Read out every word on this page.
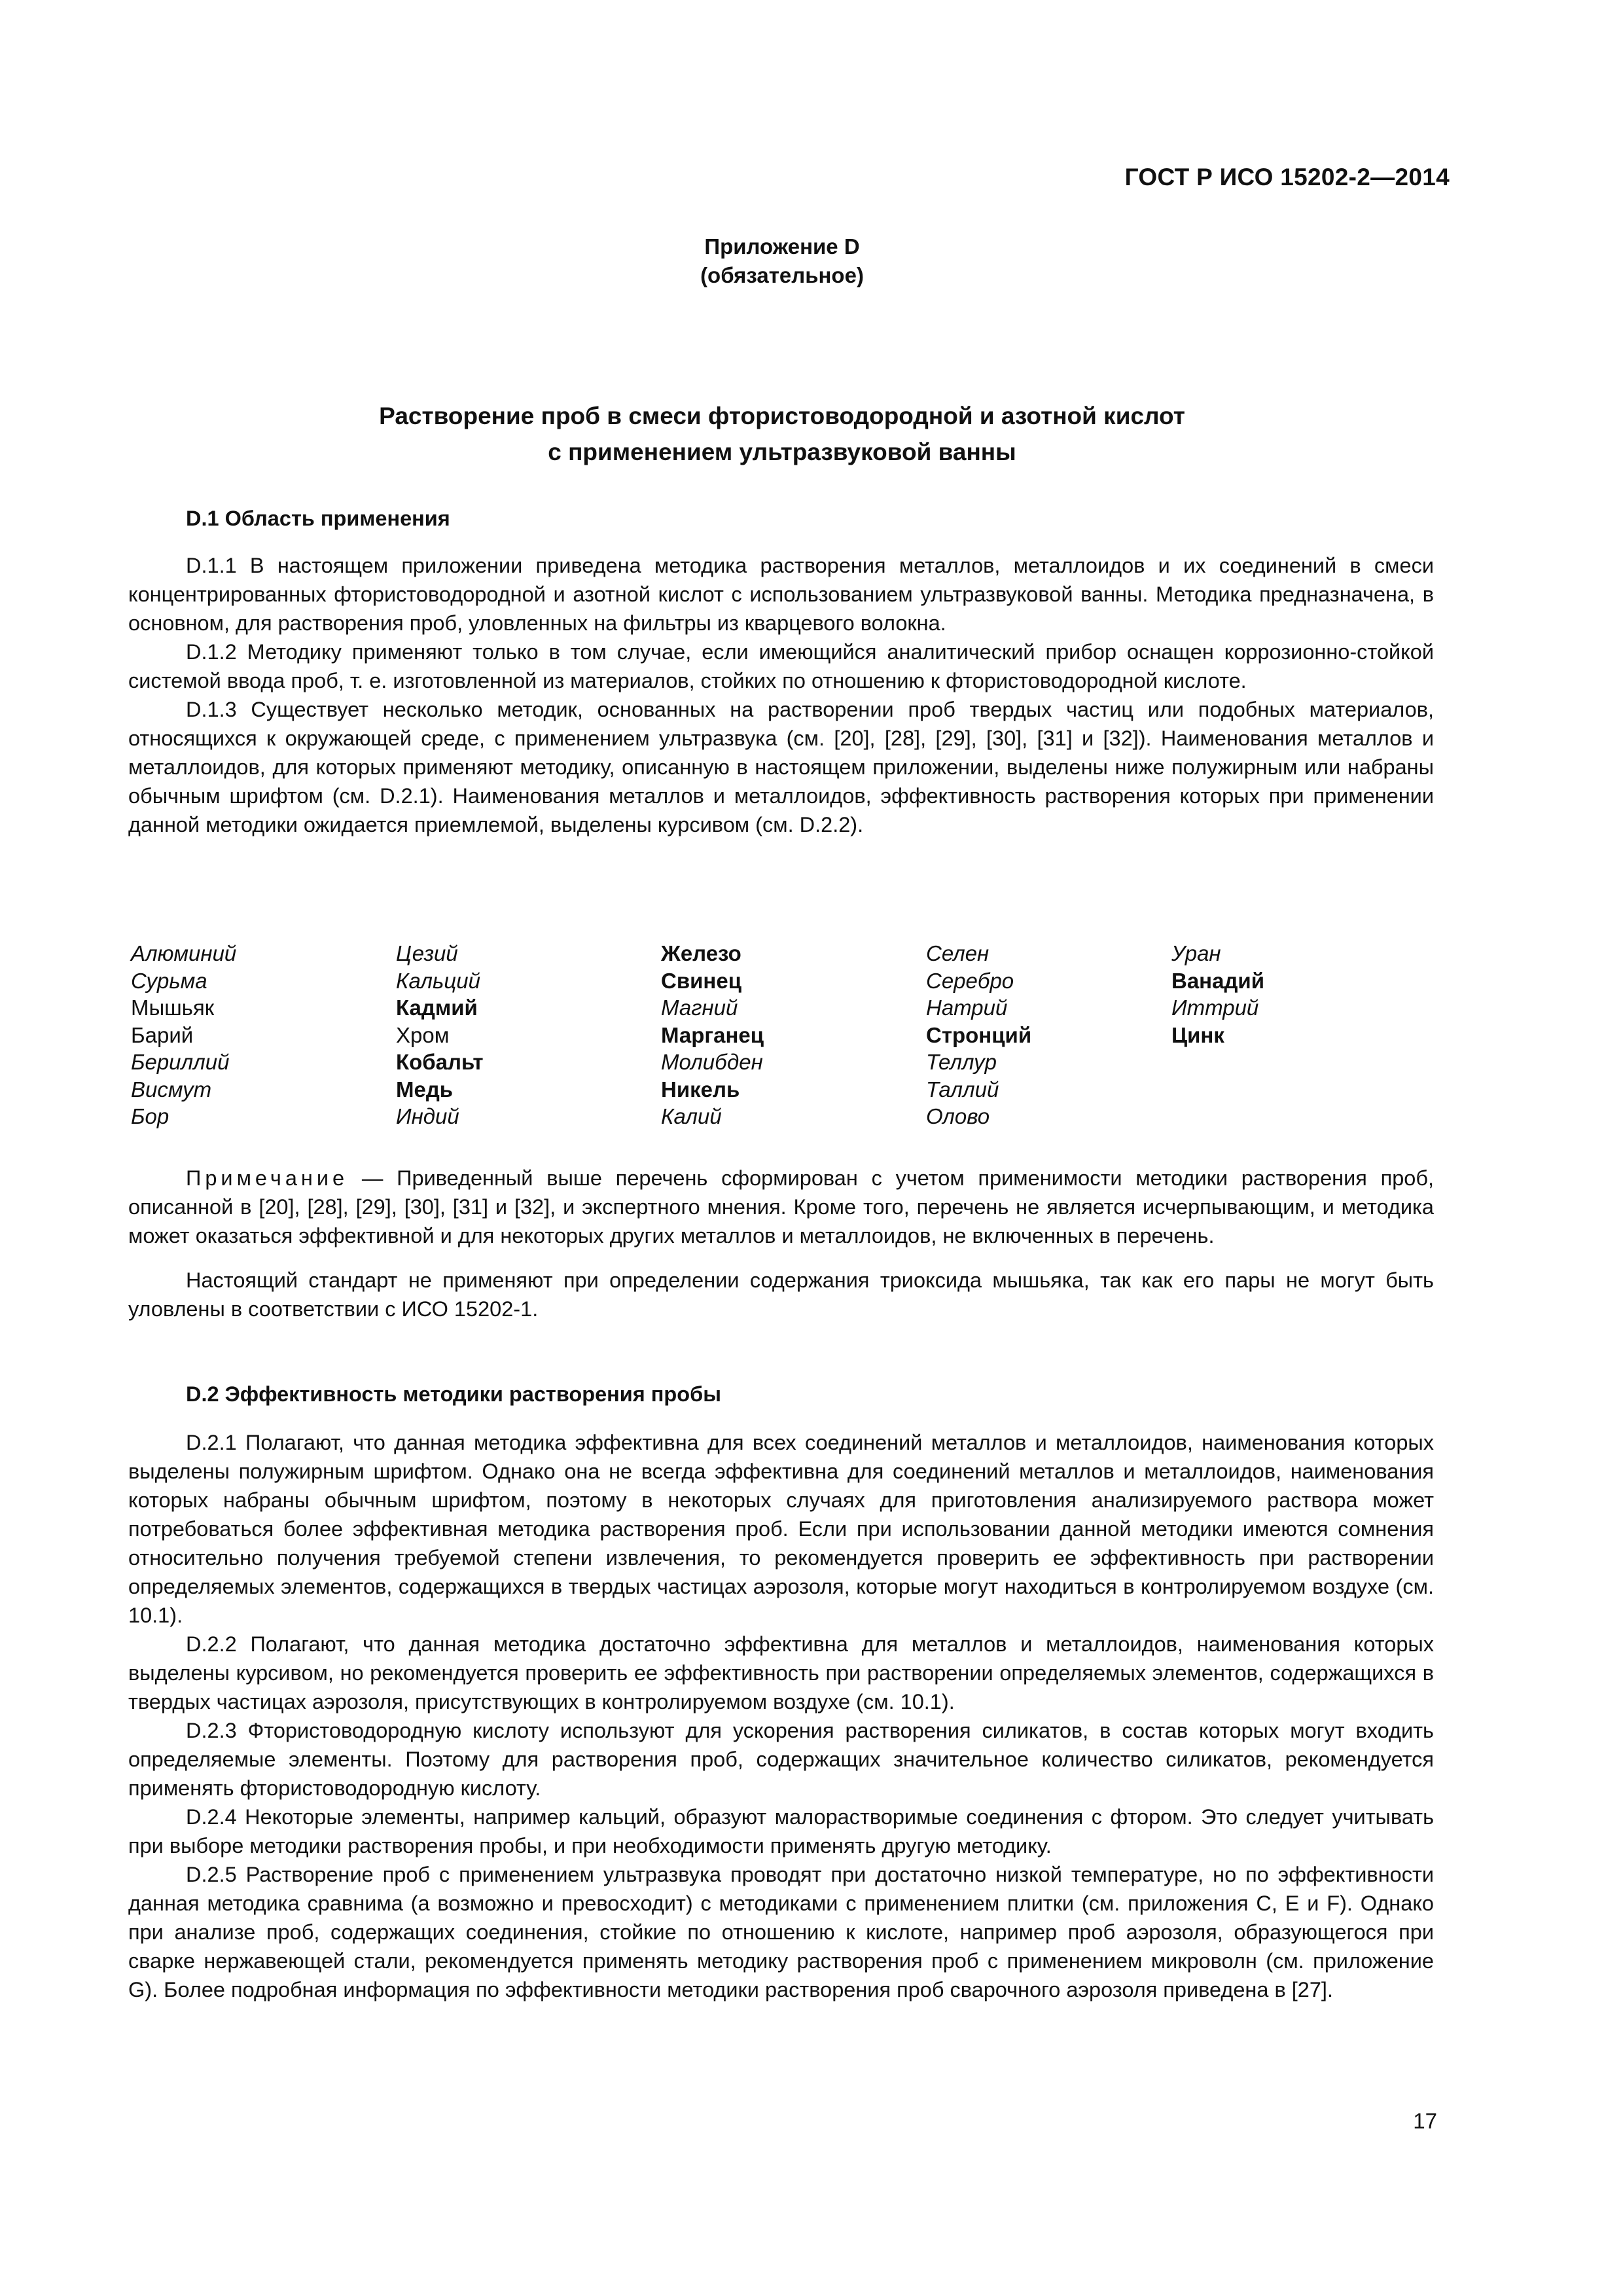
ГОСТ Р ИСО 15202-2—2014
Приложение D
(обязательное)
Растворение проб в смеси фтористоводородной и азотной кислот
с применением ультразвуковой ванны
D.1 Область применения

D.1.1 В настоящем приложении приведена методика растворения металлов, металлоидов и их соединений в смеси концентрированных фтористоводородной и азотной кислот с использованием ультразвуковой ванны. Методика предназначена, в основном, для растворения проб, уловленных на фильтры из кварцевого волокна.

D.1.2 Методику применяют только в том случае, если имеющийся аналитический прибор оснащен коррозионно-стойкой системой ввода проб, т. е. изготовленной из материалов, стойких по отношению к фтористоводородной кислоте.

D.1.3 Существует несколько методик, основанных на растворении проб твердых частиц или подобных материалов, относящихся к окружающей среде, с применением ультразвука (см. [20], [28], [29], [30], [31] и [32]). Наименования металлов и металлоидов, для которых применяют методику, описанную в настоящем приложении, выделены ниже полужирным или набраны обычным шрифтом (см. D.2.1). Наименования металлов и металлоидов, эффективность растворения которых при применении данной методики ожидается приемлемой, выделены курсивом (см. D.2.2).

Алюминий
Сурьма
Мышьяк
Барий
Бериллий
Висмут
Бор
Цезий
Кальций
Кадмий
Хром
Кобальт
Медь
Индий
Железо
Свинец
Магний
Марганец
Молибден
Никель
Калий
Селен
Серебро
Натрий
Стронций
Теллур
Таллий
Олово
Уран
Ванадий
Иттрий
Цинк

Примечание — Приведенный выше перечень сформирован с учетом применимости методики растворения проб, описанной в [20], [28], [29], [30], [31] и [32], и экспертного мнения. Кроме того, перечень не является исчерпывающим, и методика может оказаться эффективной и для некоторых других металлов и металлоидов, не включенных в перечень.

Настоящий стандарт не применяют при определении содержания триоксида мышьяка, так как его пары не могут быть уловлены в соответствии с ИСО 15202-1.

D.2 Эффективность методики растворения пробы

D.2.1 Полагают, что данная методика эффективна для всех соединений металлов и металлоидов, наименования которых выделены полужирным шрифтом. Однако она не всегда эффективна для соединений металлов и металлоидов, наименования которых набраны обычным шрифтом, поэтому в некоторых случаях для приготовления анализируемого раствора может потребоваться более эффективная методика растворения проб. Если при использовании данной методики имеются сомнения относительно получения требуемой степени извлечения, то рекомендуется проверить ее эффективность при растворении определяемых элементов, содержащихся в твердых частицах аэрозоля, которые могут находиться в контролируемом воздухе (см. 10.1).

D.2.2 Полагают, что данная методика достаточно эффективна для металлов и металлоидов, наименования которых выделены курсивом, но рекомендуется проверить ее эффективность при растворении определяемых элементов, содержащихся в твердых частицах аэрозоля, присутствующих в контролируемом воздухе (см. 10.1).

D.2.3 Фтористоводородную кислоту используют для ускорения растворения силикатов, в состав которых могут входить определяемые элементы. Поэтому для растворения проб, содержащих значительное количество силикатов, рекомендуется применять фтористоводородную кислоту.

D.2.4 Некоторые элементы, например кальций, образуют малорастворимые соединения с фтором. Это следует учитывать при выборе методики растворения пробы, и при необходимости применять другую методику.

D.2.5 Растворение проб с применением ультразвука проводят при достаточно низкой температуре, но по эффективности данная методика сравнима (а возможно и превосходит) с методиками с применением плитки (см. приложения С, Е и F). Однако при анализе проб, содержащих соединения, стойкие по отношению к кислоте, например проб аэрозоля, образующегося при сварке нержавеющей стали, рекомендуется применять методику растворения проб с применением микроволн (см. приложение G). Более подробная информация по эффективности методики растворения проб сварочного аэрозоля приведена в [27].

17
